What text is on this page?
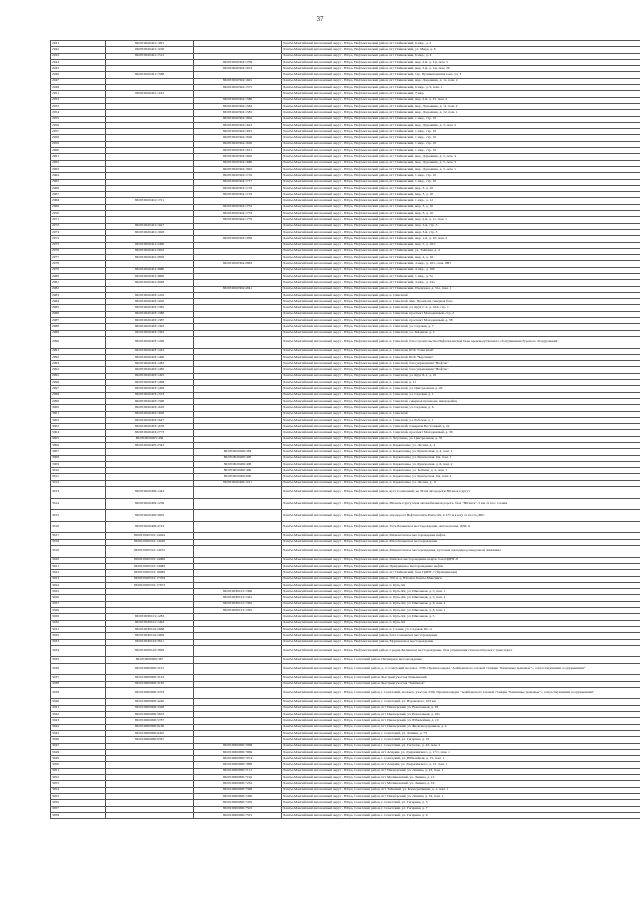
37
2941	86:08:0020401:1091		Ханты-Мансийский автономный округ - Югра, Нефтеюганский район, пгт Пойковский, 6 мкр., д. 2
2942	86:08:0020401:1198		Ханты-Мансийский автономный округ - Югра, Нефтеюганский район, пгт Пойковский, ул. Мира, д. 8
2943	86:08:0020401:1512		Ханты-Мансийский автономный округ - Югра, Нефтеюганский район, пгт Пойковский, 6 мкр., д. 4
2944		86:08:0020304:1709	Ханты-Мансийский автономный округ - Югра, Нефтеюганский район, пгт Пойковский, мкр. 2-й, д. 1/в, пом. 5
2945		86:08:0020304:1653	Ханты-Мансийский автономный округ - Югра, Нефтеюганский район, пгт Пойковский, мкр. 2-й, д. 1/в, пом. 20
2946	86:08:0020401:1588		Ханты-Мансийский автономный округ - Югра, Нефтеюганский район, пгт Пойковский, тер. Промышленная зона, ул. 3
2947		86:08:0020304:1601	Ханты-Мансийский автономный округ - Югра, Нефтеюганский район, пгт Пойковский, мкр. Дорожник, д. 1а, пом. 2
2948		86:08:0020304:1575	Ханты-Мансийский автономный округ - Югра, Нефтеюганский район, пгт Пойковский, 6 мкр., д. 9, пом. 1
2951	86:08:0020401:1163		Ханты-Мансийский автономный округ - Югра, Нефтеюганский район, пгт Пойковский, 7 мкр.
2952		86:08:0020304:1580	Ханты-Мансийский автономный округ - Югра, Нефтеюганский район, пгт Пойковский, мкр. 2-й, д. 25, пом. 2
2953		86:08:0020304:1584	Ханты-Мансийский автономный округ - Югра, Нефтеюганский район, пгт Пойковский, мкр. Дорожник, д. 11, пом. 2
2954		86:08:0020304:1585	Ханты-Мансийский автономный округ - Югра, Нефтеюганский район, пгт Пойковский, мкр. Дорожник, д. 12, пом. 1
2955		86:08:0020304:1602	Ханты-Мансийский автономный округ - Югра, Нефтеюганский район, пгт Пойковский, 1 мкр., стр. 10
2956		86:08:0020304:1623	Ханты-Мансийский автономный округ - Югра, Нефтеюганский район, пгт Пойковский, мкр. Дорожник, д. 5, пом. 2
2957		86:08:0020304:1625	Ханты-Мансийский автономный округ - Югра, Нефтеюганский район, пгт Пойковский, 1 мкр., стр. 10
2958		86:08:0020304:1626	Ханты-Мансийский автономный округ - Югра, Нефтеюганский район, пгт Пойковский, 1 мкр., стр. 10
2959		86:08:0020304:1630	Ханты-Мансийский автономный округ - Югра, Нефтеюганский район, пгт Пойковский, 1 мкр., стр. 10
2960		86:08:0020304:1631	Ханты-Мансийский автономный округ - Югра, Нефтеюганский район, пгт Пойковский, 1 мкр., стр. 10
2961		86:08:0020304:1662	Ханты-Мансийский автономный округ - Югра, Нефтеюганский район, пгт Пойковский, мкр. Дорожник, д. 5, пом. 4
2962		86:08:0020304:1686	Ханты-Мансийский автономный округ - Югра, Нефтеюганский район, пгт Пойковский, мкр. Дорожник, д. 5, пом. 3
2963		86:08:0020304:1692	Ханты-Мансийский автономный округ - Югра, Нефтеюганский район, пгт Пойковский, мкр. Дорожник, д. 5, пом. 1
2964		86:08:0020304:1716	Ханты-Мансийский автономный округ - Югра, Нефтеюганский район, пгт Пойковский, 1 мкр., стр. 10
2965		86:08:0020304:1717	Ханты-Мансийский автономный округ - Югра, Нефтеюганский район, пгт Пойковский, 1 мкр., стр. 10
2966		86:08:0020304:1718	Ханты-Мансийский автономный округ - Югра, Нефтеюганский район, пгт Пойковский, мкр. 3, д. 10
2967		86:08:0020304:1719	Ханты-Мансийский автономный округ - Югра, Нефтеюганский район, пгт Пойковский, мкр. 3, д. 10
2968	86:08:0020401:1721		Ханты-Мансийский автономный округ - Югра, Нефтеюганский район, пгт Пойковский, 1 мкр., д. 12
2969		86:08:0020304:1752	Ханты-Мансийский автономный округ - Югра, Нефтеюганский район, пгт Пойковский, мкр. 3, д. 10
2970		86:08:0020304:1753	Ханты-Мансийский автономный округ - Югра, Нефтеюганский район, пгт Пойковский, мкр. 3, д. 10
2971		86:08:0020304:1779	Ханты-Мансийский автономный округ - Югра, Нефтеюганский район, пгт Пойковский, мкр. 2-й, д. 11, пом. 1
2972	86:08:0020401:1927		Ханты-Мансийский автономный округ - Югра, Нефтеюганский район, пгт Пойковский, мкр. 3-й, стр. 3
2973	86:08:0020401:1928		Ханты-Мансийский автономный округ - Югра, Нефтеюганский район, пгт Пойковский, мкр. 3-й, стр. 3
2974		86:08:0020304:1939	Ханты-Мансийский автономный округ - Югра, Нефтеюганский район, пгт Пойковский, мкр. 1-й, д. 10, пом. 2
2975	86:08:0020401:2460		Ханты-Мансийский автономный округ - Югра, Нефтеюганский район, пгт Пойковский, мкр. 5, д. 10/1
2976	86:08:0020401:2832		Ханты-Мансийский автономный округ - Югра, Нефтеюганский район, пгт Пойковский, ул. Таёжная, д. 4
2977	86:08:0020401:2856		Ханты-Мансийский автономный округ - Югра, Нефтеюганский район, пгт Пойковский, мкр. 4, д. 16
2978		86:08:0020304:2883	Ханты-Мансийский автономный округ - Югра, Нефтеюганский район, пгт Пойковский, 4 мкр., д. 16/1, пом. 8Н1
2979	86:08:0020401:4880		Ханты-Мансийский автономный округ - Югра, Нефтеюганский район, пгт Пойковский, 4 мкр., д. 16б
2980	86:08:0020401:4890		Ханты-Мансийский автономный округ - Югра, Нефтеюганский район, пгт Пойковский, 1 мкр., д. 5а
2981	86:08:0020401:4948		Ханты-Мансийский автономный округ - Югра, Нефтеюганский район, пгт Пойковский, 4 мкр., д. 24а
2982		86:08:0020304:4941	Ханты-Мансийский автономный округ - Югра, Нефтеюганский район, пгт Пойковский, Промзона, д. 51а, пом. 1
2983	86:08:0020403:1410		Ханты-Мансийский автономный округ - Югра, Нефтеюганский район, п. Сингапай
2984	86:08:0020403:1026		Ханты-Мансийский автономный округ - Югра, Нефтеюганский район, п. Сингапай, мкр. Промзона северная база
2985	86:08:0020403:1385		Ханты-Мансийский автономный округ - Югра, Нефтеюганский район, п. Сингапай, ул. Круг Г-2, д. 10А, стр. 1
2986	86:08:0020403:1386		Ханты-Мансийский автономный округ - Югра, Нефтеюганский район, п. Сингапай, проспект Молодежный, стр. 2
2987	86:08:0020403:1387		Ханты-Мансийский автономный округ - Югра, Нефтеюганский район, п. Сингапай, проспект Молодежный, д. 38
2988	86:08:0020403:1392		Ханты-Мансийский автономный округ - Югра, Нефтеюганский район, п. Сингапай, ул. Садовая, д. 7
2989	86:08:0020403:1393		Ханты-Мансийский автономный округ - Югра, Нефтеюганский район, п. Сингапай, ул. Звёздная, д. 2
2990	86:08:0020403:1438		Ханты-Мансийский автономный округ - Югра, Нефтеюганский район, п. Сингапай, база строительства Нефтеюганской базы производственного обслуживания бурового оборудования
2991	86:08:0020403:1443		Ханты-Мансийский автономный округ - Югра, Нефтеюганский район, п. Сингапай, БСК "Сингапай"
2992	86:08:0020403:1460		Ханты-Мансийский автономный округ - Югра, Нефтеюганский район, п. Сингапай, БСК "Чеускино"
2993	86:08:0020403:1483		Ханты-Мансийский автономный округ - Югра, Нефтеюганский район, п. Сингапай, база управления "Нефтак"
2994	86:08:0020403:1485		Ханты-Мансийский автономный округ - Югра, Нефтеюганский район, п. Сингапай, база управления "Нефтак"
2995	86:08:0020403:1495		Ханты-Мансийский автономный округ - Югра, Нефтеюганский район, п. Сингапай, ул. Круг Б-1, д. 10
2996	86:08:0020403:1498		Ханты-Мансийский автономный округ - Югра, Нефтеюганский район, п. Сингапай, д. 11
2997	86:08:0020403:1499		Ханты-Мансийский автономный округ - Югра, Нефтеюганский район, п. Сингапай, ул. Центральная, д. 26
2998	86:08:0020403:1533		Ханты-Мансийский автономный округ - Югра, Нефтеюганский район, п. Сингапай, ул. Садовая, д. 1
2999	86:08:0020403:1598		Ханты-Мансийский автономный округ - Югра, Нефтеюганский район, п. Сингапай, северная промзона, микрорайон
3000	86:08:0020403:1618		Ханты-Мансийский автономный округ - Югра, Нефтеюганский район, п. Сингапай, ул. Садовая, д. 6
3001	86:08:0020403:1650		Ханты-Мансийский автономный округ - Югра, Нефтеюганский район, п. Сингапай
3002	86:08:0020403:1647		Ханты-Мансийский автономный округ - Югра, Нефтеюганский район, п. Сингапай, ул. Рабочая, д. 1
3003	86:08:0020403:1678		Ханты-Мансийский автономный округ - Югра, Нефтеюганский район, п. Сингапай, Северная Восточный, д. 22
3004	86:08:0020403:2773		Ханты-Мансийский автономный округ - Югра, Нефтеюганский район, п. Сингапай, проспект Молодежный, д. 36
3005	86:08:0020405:436		Ханты-Мансийский автономный округ - Югра, Нефтеюганский район, п. Чеускино, ул. Центральная, д. 35
3006	86:08:0020405:2343		Ханты-Мансийский автономный округ - Югра, Нефтеюганский район, п. Каркатеевы, ул. Лесная, д. 4
3007		86:08:0020406:384	Ханты-Мансийский автономный округ - Югра, Нефтеюганский район, п. Каркатеевы, ул. Купеческая, д. 4, пом. 1
3008		86:08:0020406:400	Ханты-Мансийский автономный округ - Югра, Нефтеюганский район, п. Каркатеевы, ул. Купеческая, 6А, пом. 1
3009		86:08:0020406:408	Ханты-Мансийский автономный округ - Югра, Нефтеюганский район, п. Каркатеевы, ул. Купеческая, д. 6, пом. 2
3010		86:08:0020406:409	Ханты-Мансийский автономный округ - Югра, Нефтеюганский район, п. Каркатеевы, ул. Зелёная, д. 4, пом. 1
3011		86:08:0020406:600	Ханты-Мансийский автономный округ - Югра, Нефтеюганский район, п. Каркатеевы, ул. Купеческая, 6А, пом. 4
3012		86:08:0020406:1011	Ханты-Мансийский автономный округ - Югра, Нефтеюганский район, п. Каркатеевы, ул. Лесная, д. 11
3013	86:08:0020409:1443		Ханты-Мансийский автономный округ - Югра, Нефтеюганский район, куст Солнечный, на 36 км автодороги Юганск-Сургут
3014	86:08:0020409:1236		Ханты-Мансийский автономный округ - Югра, Нефтеюганский район, Юганск-Сургутская автомобильная дорога, база "Юганск", 5 км от пос. Салым
3015	86:08:0020409:3605		Ханты-Мансийский автономный округ - Югра, Нефтеюганский район, автодорога Нефтеюганск-Пыть-Ях, в 275 м к югу от поста ДПС
3016	86:08:0020409:4723		Ханты-Мансийский автономный округ - Югра, Нефтеюганский район, Усть-Балыкское месторождение, Автоколонна, ДНС-6
3017	86:08:0020501:14044		Ханты-Мансийский автономный округ - Югра, Нефтеюганский район, Мамонтовское месторождение нефти
3018	86:08:0020501:14048		Ханты-Мансийский автономный округ - Югра, Нефтеюганский район, Малобалыкское месторождение
3019	86:08:0020501:14072		Ханты-Мансийский автономный округ - Югра, Нефтеюганский район, Мамонтовское месторождение, кустовая площадка разведочной скважины
3020	86:08:0020501:14086		Ханты-Мансийский автономный округ - Югра, Нефтеюганский район, Майское месторождение нефти, база ЦДНГ-8
3021	86:08:0020501:14088		Ханты-Мансийский автономный округ - Югра, Нефтеюганский район, Правдинское месторождение нефти
3022	86:08:0020501:18089		Ханты-Мансийский автономный округ - Югра, Нефтеюганский район, пгт Пойковский, база ЦДНГ-7 (Правдинская)
3023	86:08:0020501:17709		Ханты-Мансийский автономный округ - Югра, Нефтеюганский район, 700 м. р. Юганск Ханты-Мансийск
3024	86:08:0020501:17673		Ханты-Мансийский автономный округ - Югра, Нефтеюганский район, п. Куть-Ях
3025		86:08:0030101:1360	Ханты-Мансийский автономный округ - Югра, Нефтеюганский район, п. Куть-Ях, ул. Школьная, д. 5, пом. 1
3026		86:08:0030101:1361	Ханты-Мансийский автономный округ - Югра, Нефтеюганский район, п. Куть-Ях, ул. Школьная, д. 5, пом. 2
3027		86:08:0030101:1362	Ханты-Мансийский автономный округ - Югра, Нефтеюганский район, п. Куть-Ях, ул. Школьная, д. 6, пом. 2
3028		86:08:0030101:1365	Ханты-Мансийский автономный округ - Югра, Нефтеюганский район, п. Куть-Ях, ул. Школьная, д. 6, пом. 1
3029	86:08:0030101:1283		Ханты-Мансийский автономный округ - Югра, Нефтеюганский район, п. Куть-Ях, ул. Школьная, д. 5
3030	86:08:0030101:1463		Ханты-Мансийский автономный округ - Югра, Нефтеюганский район, п. Куть-Ях
3031	86:08:0030102:2688		Ханты-Мансийский автономный округ - Югра, Нефтеюганский район, п. Салым, ул. Садовая, КС-4
3032	86:08:0030102:2909		Ханты-Мансийский автономный округ - Югра, Нефтеюганский район, база Салымское месторождение
3033	86:08:0030102:3811		Ханты-Мансийский автономный округ - Югра, Нефтеюганский район, Ефремовское месторождение
3034	86:08:0030102:3829		Ханты-Мансийский автономный округ - Югра, Нефтеюганский район, Средне-Балыкское месторождение, база управления технологического транспорта
3035	86:09:0000000:387		Ханты-Мансийский автономный округ - Югра, Советский район, Пионерное месторождение
3036	86:09:0000000:3161		Ханты-Мансийский автономный округ - Югра, Советский район, д. 2, Советский молокоз. Т/80. Промплощадка "Алябьевского газовой станции "Каменные дымовые" с сопутствующими сооружениями"
3037	86:09:0000000:3163		Ханты-Мансийский автономный округ - Югра, Советский район, Быстрый участок Лемьинский
3038	86:09:0000000:3165		Ханты-Мансийский автономный округ - Югра, Советский район, Быстрый участок "Зайгинок"
3039	86:09:0000000:4703		Ханты-Мансийский автономный округ - Югра, Советский район, г. Советский, молокоз. участок Т/80, Промплощадка "Алябьевского газовой станции "Каменные дымовые" с сопутствующими сооружениями"
3040	86:09:0000000:4240		Ханты-Мансийский автономный округ - Югра, Советский район, г. Советский, ул. Воровского, 103 км
3041	86:09:0000000:4328		Ханты-Мансийский автономный округ - Югра, Советский район, пгт Пионерский, ул. Вокзальная, д. 18
3042	86:09:0000000:5633		Ханты-Мансийский автономный округ - Югра, Советский район, пгт Пионерский, ул. Вокзальная, д. 18а
3043	86:09:0000000:5787		Ханты-Мансийский автономный округ - Югра, Советский район, пгт Пионерский, ул. Юбилейная, д. 10
3044	86:09:0000000:6160		Ханты-Мансийский автономный округ - Югра, Советский район, пгт Пионерский, ул. Железнодорожная, д. 4
3045	86:09:0000000:6495		Ханты-Мансийский автономный округ - Югра, Советский район, г. Советский, ул. Ленина, д. 73
3046	86:09:0000000:6567		Ханты-Мансийский автономный округ - Югра, Советский район, г. Советский, ул. Гагарина, д. 19
3047		86:09:0000000:7068	Ханты-Мансийский автономный округ - Югра, Советский район, г. Советский, ул. Гастелло, д. 43, пом. 2
3048		86:09:0000000:7069	Ханты-Мансийский автономный округ - Югра, Советский район, пгт Агириш, ул. Дзержинского, д. 17/1, пом. 1
3049		86:09:0000000:7074	Ханты-Мансийский автономный округ - Югра, Советский район, г. Советский, ул. Юбилейная, д. 15, пом. 1
3050		86:09:0000000:7088	Ханты-Мансийский автономный округ - Югра, Советский район, пгт Агириш, ул. Дзержинского, д. 15, пом. 1
3051		86:09:0000000:7151	Ханты-Мансийский автономный округ - Югра, Советский район, пгт Пионерский, ул. Ленина, д. 23, пом. 1
3052		86:09:0000000:7192	Ханты-Мансийский автономный округ - Югра, Советский район, пгт Малиновский, ул. Ленина, д. 15
3053		86:09:0000000:7232	Ханты-Мансийский автономный округ - Югра, Советский район, пгт Малиновский, ул. Ленина, д. 16
3054		86:09:0000000:7369	Ханты-Мансийский автономный округ - Югра, Советский район, пгт Таёжный, ул. Кооперативная, д. 1, пом. 1
3055		86:09:0000000:7400	Ханты-Мансийский автономный округ - Югра, Советский район, пгт Пионерский, ул. Ленина, д. 19, пом. 1
3056		86:09:0000000:7476	Ханты-Мансийский автономный округ - Югра, Советский район, г. Советский, ул. Гагарина, д. 3
3057		86:09:0000000:7503	Ханты-Мансийский автономный округ - Югра, Советский район, г. Советский, ул. Гагарина, д. 7
3058		86:09:0000000:7525	Ханты-Мансийский автономный округ - Югра, Советский район, г. Советский, ул. Гагарина, д. 9
